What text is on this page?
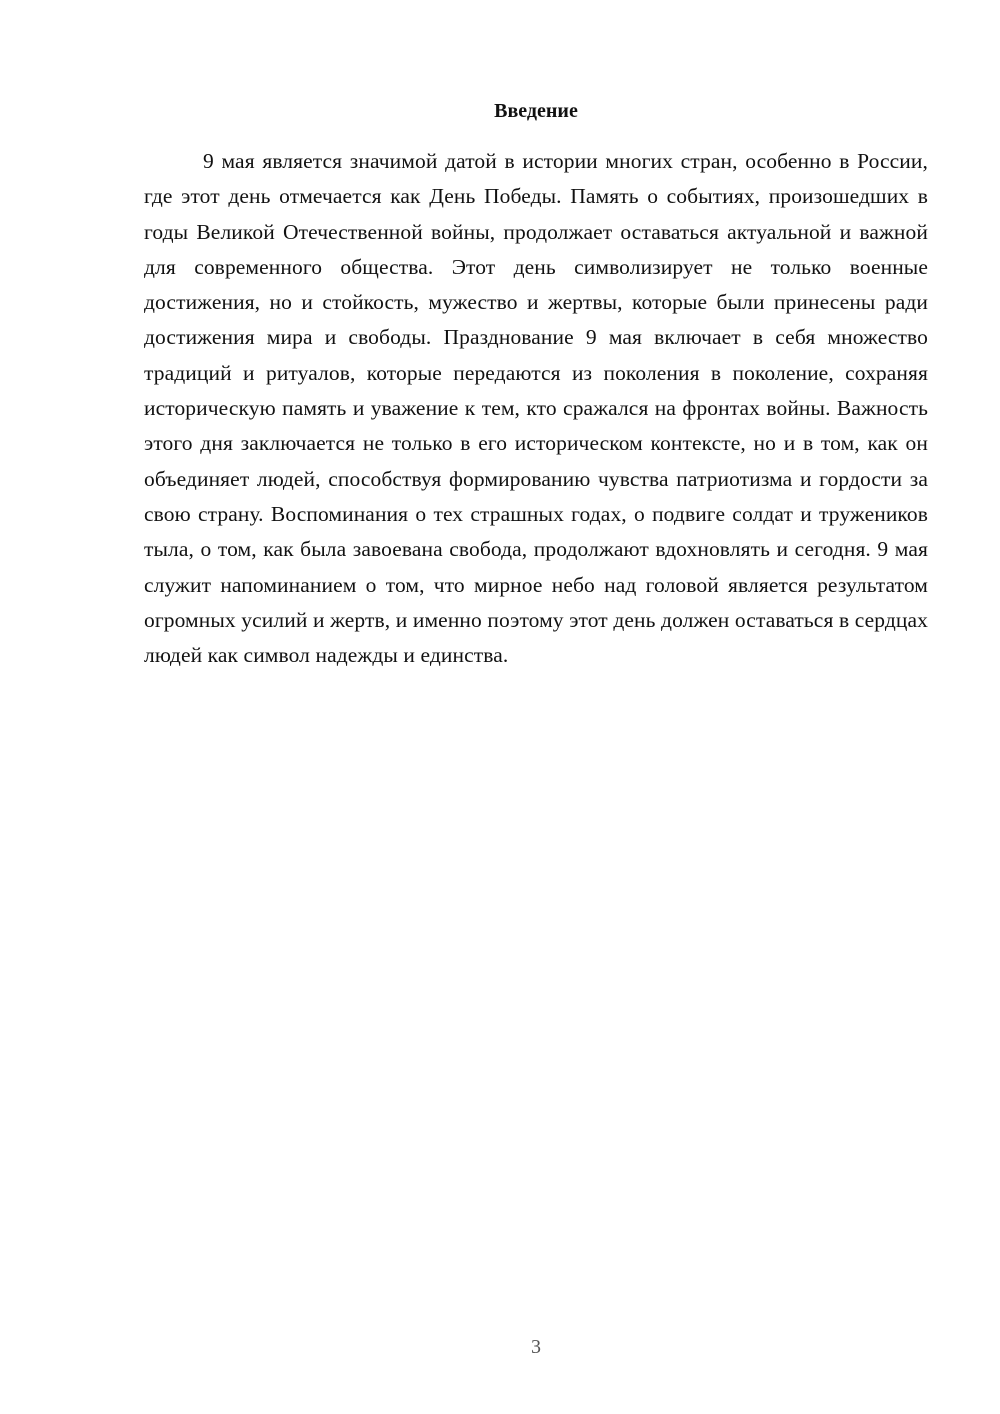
Введение

9 мая является значимой датой в истории многих стран, особенно в России, где этот день отмечается как День Победы. Память о событиях, произошедших в годы Великой Отечественной войны, продолжает оставаться актуальной и важной для современного общества. Этот день символизирует не только военные достижения, но и стойкость, мужество и жертвы, которые были принесены ради достижения мира и свободы. Празднование 9 мая включает в себя множество традиций и ритуалов, которые передаются из поколения в поколение, сохраняя историческую память и уважение к тем, кто сражался на фронтах войны. Важность этого дня заключается не только в его историческом контексте, но и в том, как он объединяет людей, способствуя формированию чувства патриотизма и гордости за свою страну. Воспоминания о тех страшных годах, о подвиге солдат и тружеников тыла, о том, как была завоевана свобода, продолжают вдохновлять и сегодня. 9 мая служит напоминанием о том, что мирное небо над головой является результатом огромных усилий и жертв, и именно поэтому этот день должен оставаться в сердцах людей как символ надежды и единства.

3
